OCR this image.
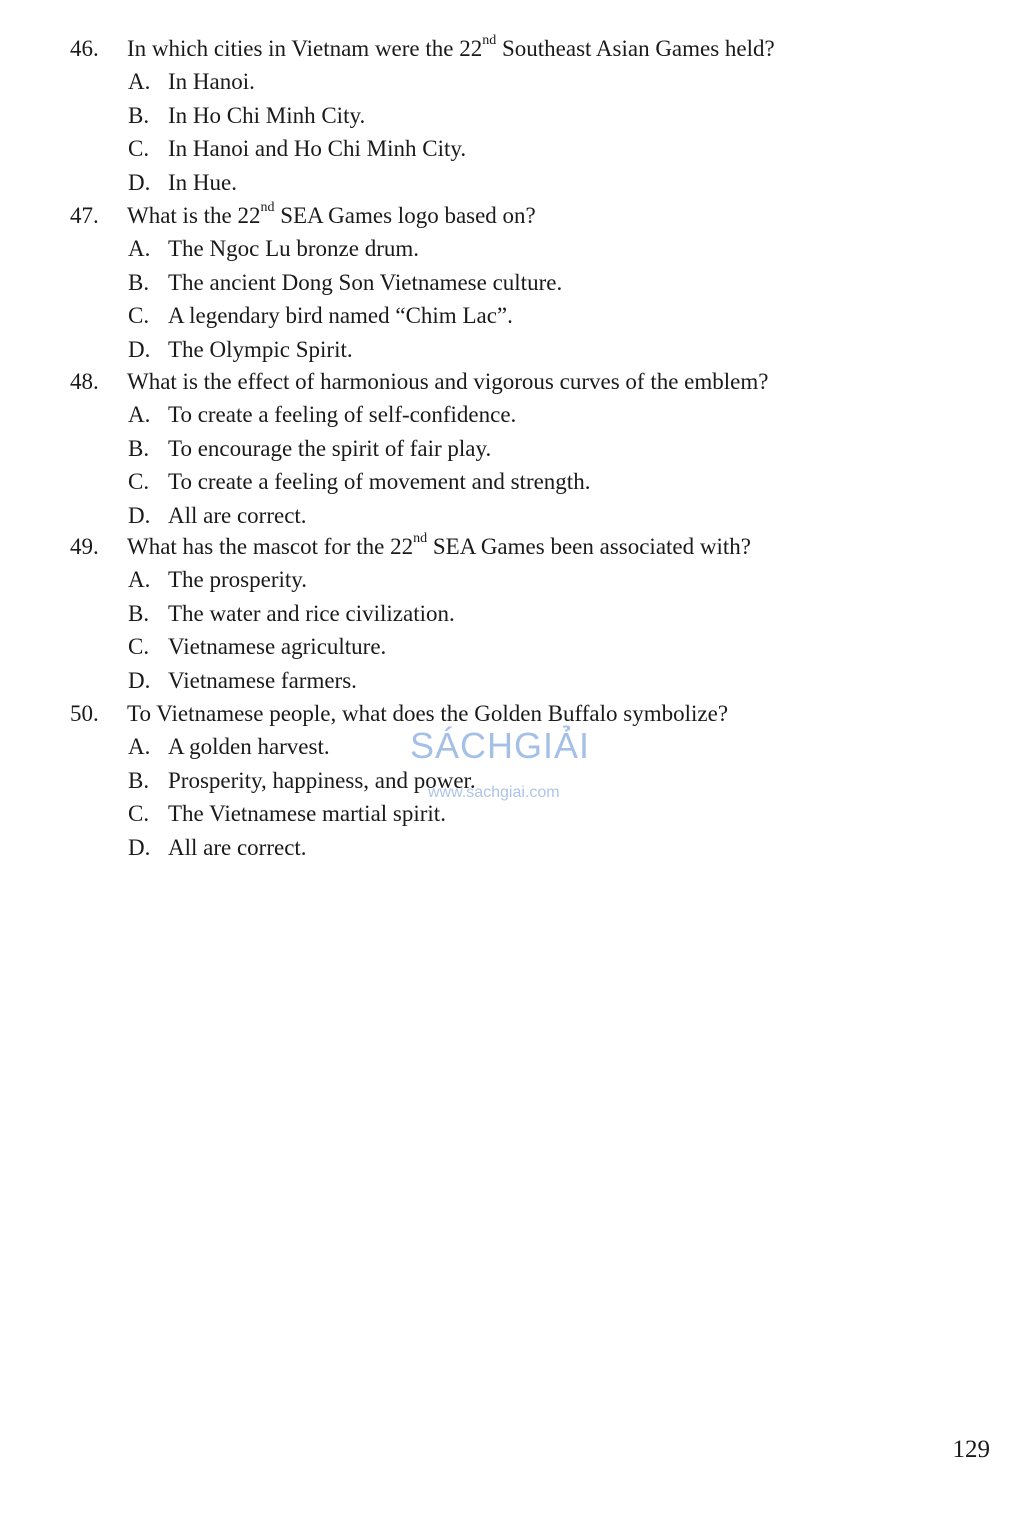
46. In which cities in Vietnam were the 22nd Southeast Asian Games held?
A. In Hanoi.
B. In Ho Chi Minh City.
C. In Hanoi and Ho Chi Minh City.
D. In Hue.
47. What is the 22nd SEA Games logo based on?
A. The Ngoc Lu bronze drum.
B. The ancient Dong Son Vietnamese culture.
C. A legendary bird named “Chim Lac”.
D. The Olympic Spirit.
48. What is the effect of harmonious and vigorous curves of the emblem?
A. To create a feeling of self-confidence.
B. To encourage the spirit of fair play.
C. To create a feeling of movement and strength.
D. All are correct.
49. What has the mascot for the 22nd SEA Games been associated with?
A. The prosperity.
B. The water and rice civilization.
C. Vietnamese agriculture.
D. Vietnamese farmers.
50. To Vietnamese people, what does the Golden Buffalo symbolize?
A. A golden harvest.
B. Prosperity, happiness, and power.
C. The Vietnamese martial spirit.
D. All are correct.
SÁCHGIẢI
www.sachgiai.com
129
